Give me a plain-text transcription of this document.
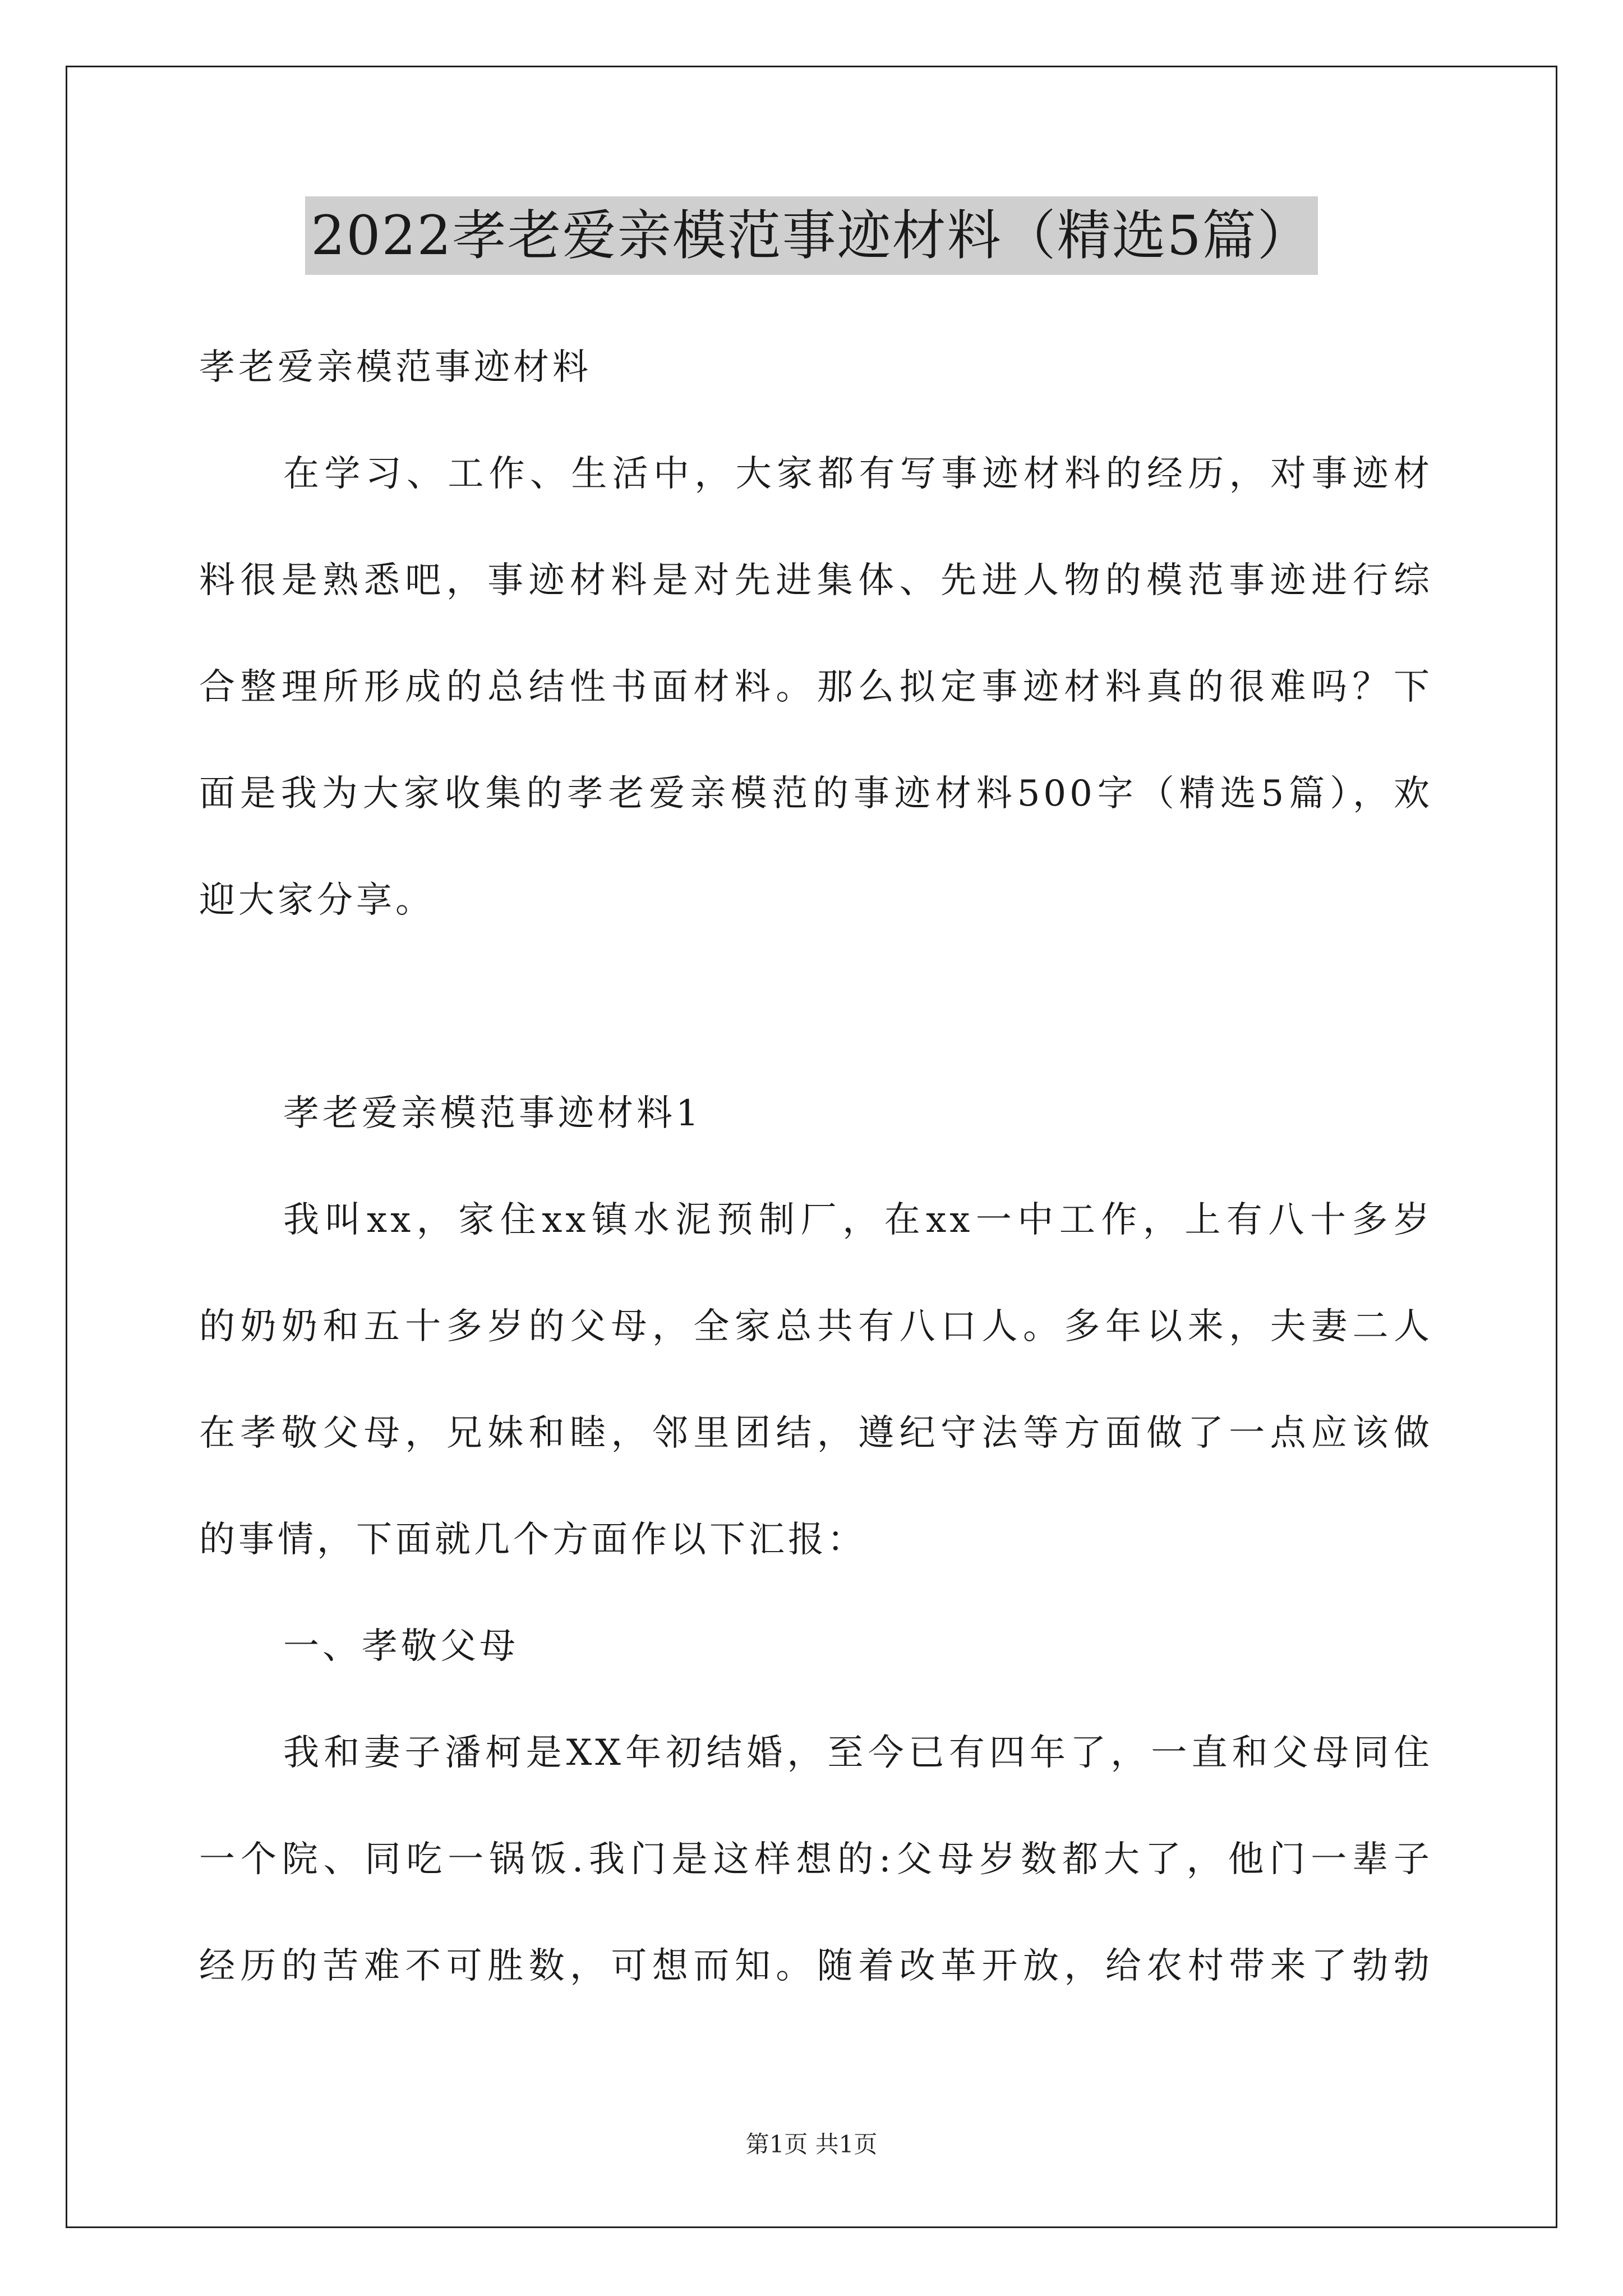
2022孝老爱亲模范事迹材料（精选5篇）
孝老爱亲模范事迹材料
在学习、工作、生活中，大家都有写事迹材料的经历，对事迹材
料很是熟悉吧，事迹材料是对先进集体、先进人物的模范事迹进行综
合整理所形成的总结性书面材料。那么拟定事迹材料真的很难吗？下
面是我为大家收集的孝老爱亲模范的事迹材料500字（精选5篇），欢
迎大家分享。
孝老爱亲模范事迹材料1
我叫xx，家住xx镇水泥预制厂，在xx一中工作，上有八十多岁
的奶奶和五十多岁的父母，全家总共有八口人。多年以来，夫妻二人
在孝敬父母，兄妹和睦，邻里团结，遵纪守法等方面做了一点应该做
的事情，下面就几个方面作以下汇报：
一、孝敬父母
我和妻子潘柯是XX年初结婚，至今已有四年了，一直和父母同住
一个院、同吃一锅饭.我门是这样想的:父母岁数都大了，他门一辈子
经历的苦难不可胜数，可想而知。随着改革开放，给农村带来了勃勃
第1页 共1页
